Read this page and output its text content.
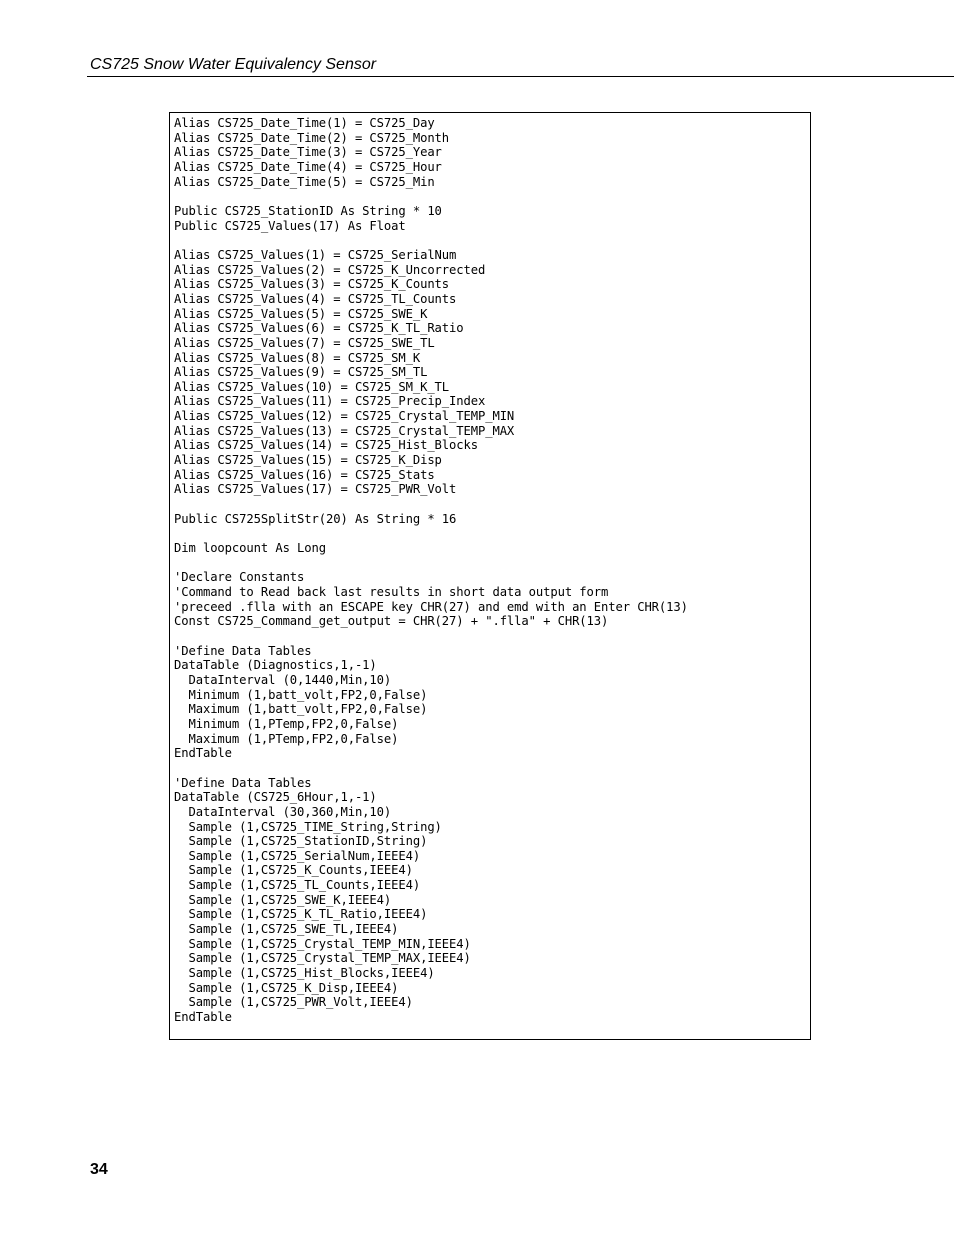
CS725 Snow Water Equivalency Sensor
Alias CS725_Date_Time(1) = CS725_Day
Alias CS725_Date_Time(2) = CS725_Month
Alias CS725_Date_Time(3) = CS725_Year
Alias CS725_Date_Time(4) = CS725_Hour
Alias CS725_Date_Time(5) = CS725_Min

Public CS725_StationID As String * 10
Public CS725_Values(17) As Float

Alias CS725_Values(1) = CS725_SerialNum
Alias CS725_Values(2) = CS725_K_Uncorrected
Alias CS725_Values(3) = CS725_K_Counts
Alias CS725_Values(4) = CS725_TL_Counts
Alias CS725_Values(5) = CS725_SWE_K
Alias CS725_Values(6) = CS725_K_TL_Ratio
Alias CS725_Values(7) = CS725_SWE_TL
Alias CS725_Values(8) = CS725_SM_K
Alias CS725_Values(9) = CS725_SM_TL
Alias CS725_Values(10) = CS725_SM_K_TL
Alias CS725_Values(11) = CS725_Precip_Index
Alias CS725_Values(12) = CS725_Crystal_TEMP_MIN
Alias CS725_Values(13) = CS725_Crystal_TEMP_MAX
Alias CS725_Values(14) = CS725_Hist_Blocks
Alias CS725_Values(15) = CS725_K_Disp
Alias CS725_Values(16) = CS725_Stats
Alias CS725_Values(17) = CS725_PWR_Volt

Public CS725SplitStr(20) As String * 16

Dim loopcount As Long

'Declare Constants
'Command to Read back last results in short data output form
'preceed .flla with an ESCAPE key CHR(27) and emd with an Enter CHR(13)
Const CS725_Command_get_output = CHR(27) + ".flla" + CHR(13)

'Define Data Tables
DataTable (Diagnostics,1,-1)
DataInterval (0,1440,Min,10)
Minimum (1,batt_volt,FP2,0,False)
Maximum (1,batt_volt,FP2,0,False)
Minimum (1,PTemp,FP2,0,False)
Maximum (1,PTemp,FP2,0,False)
EndTable

'Define Data Tables
DataTable (CS725_6Hour,1,-1)
DataInterval (30,360,Min,10)
Sample (1,CS725_TIME_String,String)
Sample (1,CS725_StationID,String)
Sample (1,CS725_SerialNum,IEEE4)
Sample (1,CS725_K_Counts,IEEE4)
Sample (1,CS725_TL_Counts,IEEE4)
Sample (1,CS725_SWE_K,IEEE4)
Sample (1,CS725_K_TL_Ratio,IEEE4)
Sample (1,CS725_SWE_TL,IEEE4)
Sample (1,CS725_Crystal_TEMP_MIN,IEEE4)
Sample (1,CS725_Crystal_TEMP_MAX,IEEE4)
Sample (1,CS725_Hist_Blocks,IEEE4)
Sample (1,CS725_K_Disp,IEEE4)
Sample (1,CS725_PWR_Volt,IEEE4)
EndTable
34
